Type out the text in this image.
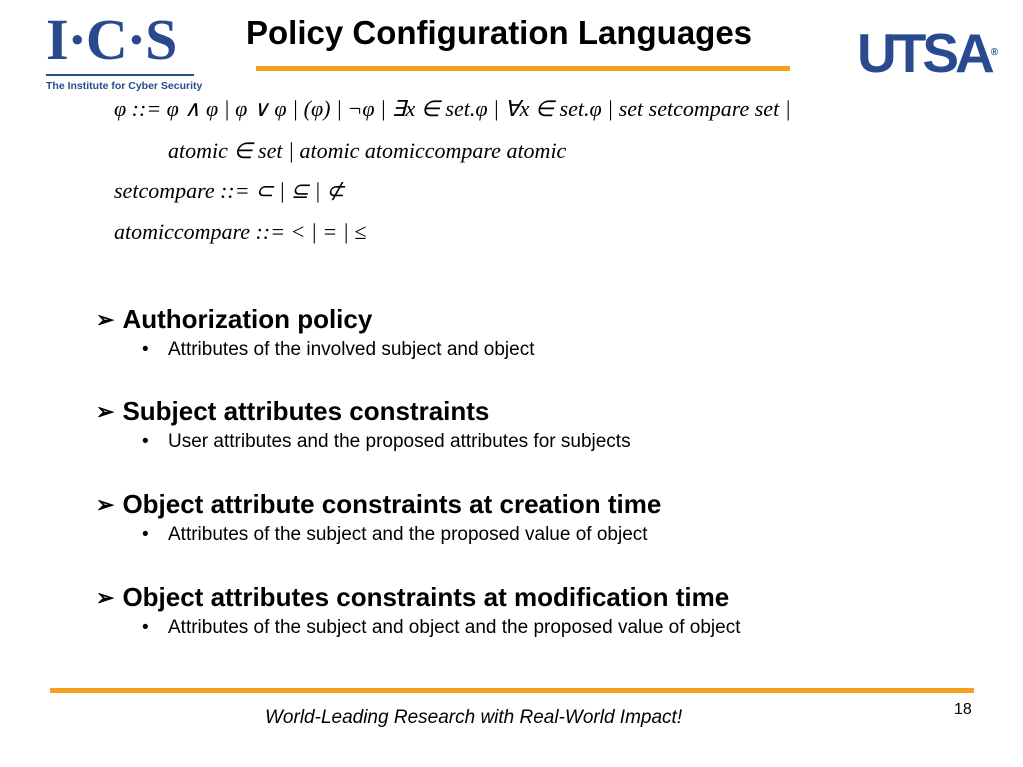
I·C·S
The Institute for Cyber Security
Policy Configuration Languages UTSA®
φ ::= φ ∧ φ | φ ∨ φ | (φ) | ¬φ | ∃x ∈ set.φ | ∀x ∈ set.φ | set setcompare set |
atomic ∈ set | atomic atomiccompare atomic
setcompare ::= ⊂ | ⊆ | ⊄
atomiccompare ::= < | = | ≤
➢ Authorization policy
• Attributes of the involved subject and object
➢ Subject attributes constraints
• User attributes and the proposed attributes for subjects
➢ Object attribute constraints at creation time
• Attributes of the subject and the proposed value of object
➢ Object attributes constraints at modification time
• Attributes of the subject and object and the proposed value of object
World-Leading Research with Real-World Impact!	18
